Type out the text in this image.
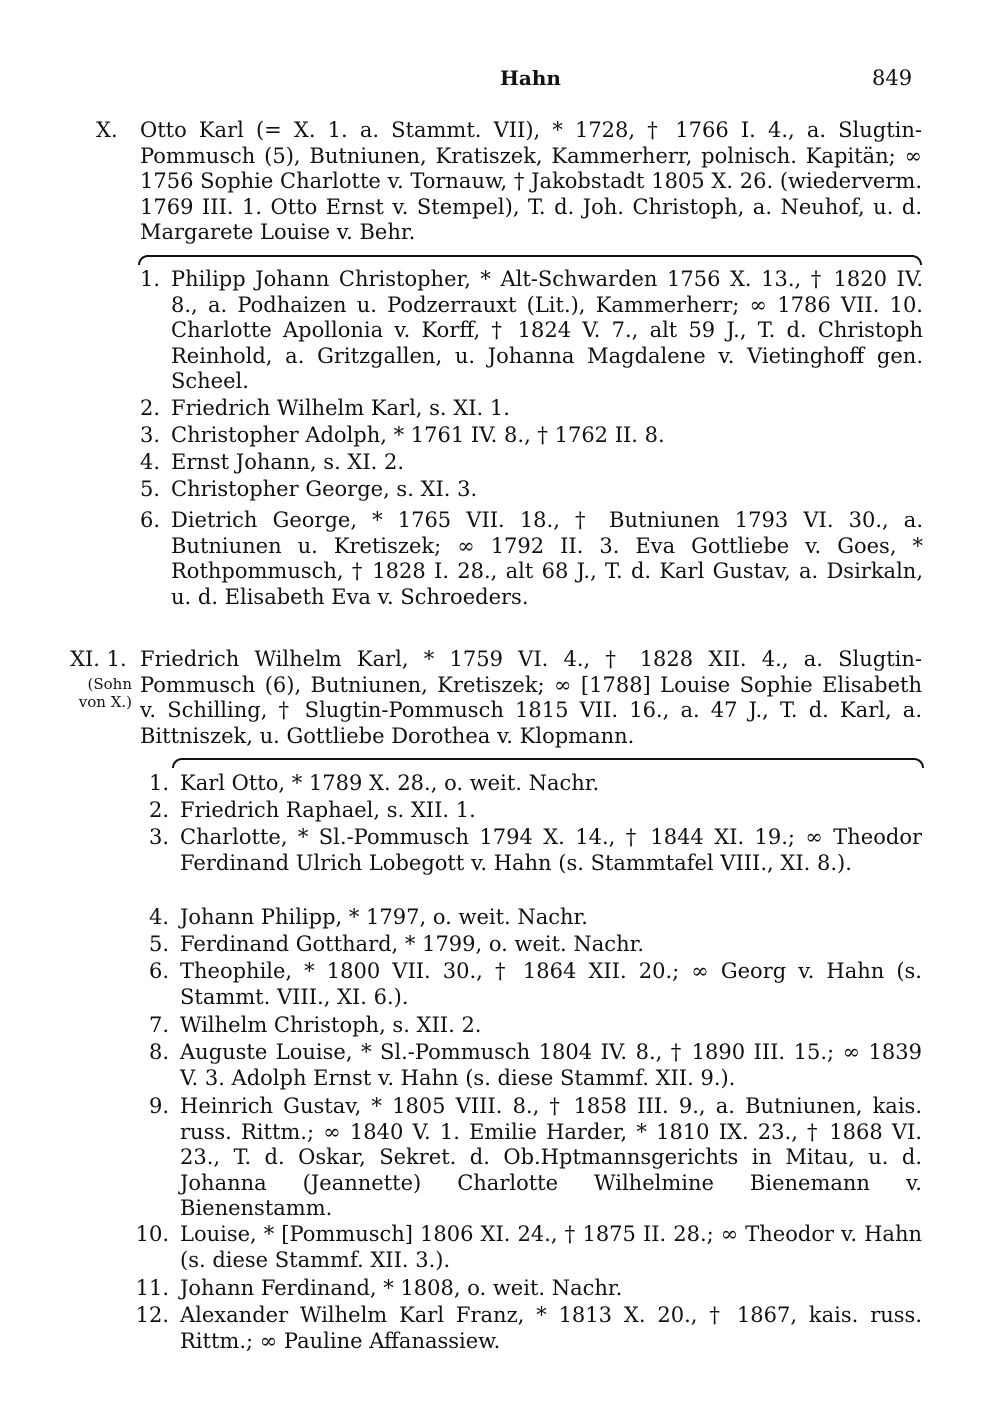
Hahn	849
X. Otto Karl (= X. 1. a. Stammt. VII), * 1728, † 1766 I. 4., a. Slugtin-Pommusch (5), Butniunen, Kratiszek, Kammerherr, polnisch. Kapitän; ∞ 1756 Sophie Charlotte v. Tornauw, † Jakobstadt 1805 X. 26. (wiederverm. 1769 III. 1. Otto Ernst v. Stempel), T. d. Joh. Christoph, a. Neuhof, u. d. Margarete Louise v. Behr.
1. Philipp Johann Christopher, * Alt-Schwarden 1756 X. 13., † 1820 IV. 8., a. Podhaizen u. Podzerrauxt (Lit.), Kammerherr; ∞ 1786 VII. 10. Charlotte Apollonia v. Korff, † 1824 V. 7., alt 59 J., T. d. Christoph Reinhold, a. Gritzgallen, u. Johanna Magdalene v. Vietinghoff gen. Scheel.
2. Friedrich Wilhelm Karl, s. XI. 1.
3. Christopher Adolph, * 1761 IV. 8., † 1762 II. 8.
4. Ernst Johann, s. XI. 2.
5. Christopher George, s. XI. 3.
6. Dietrich George, * 1765 VII. 18., † Butniunen 1793 VI. 30., a. Butniunen u. Kretiszek; ∞ 1792 II. 3. Eva Gottliebe v. Goes, * Rothpommusch, † 1828 I. 28., alt 68 J., T. d. Karl Gustav, a. Dsirkaln, u. d. Elisabeth Eva v. Schroeders.
XI. 1.
(Sohn von X.)
Friedrich Wilhelm Karl, * 1759 VI. 4., † 1828 XII. 4., a. Slugtin-Pommusch (6), Butniunen, Kretiszek; ∞ [1788] Louise Sophie Elisabeth v. Schilling, † Slugtin-Pommusch 1815 VII. 16., a. 47 J., T. d. Karl, a. Bittniszek, u. Gottliebe Dorothea v. Klopmann.
1. Karl Otto, * 1789 X. 28., o. weit. Nachr.
2. Friedrich Raphael, s. XII. 1.
3. Charlotte, * Sl.-Pommusch 1794 X. 14., † 1844 XI. 19.; ∞ Theodor Ferdinand Ulrich Lobegott v. Hahn (s. Stammtafel VIII., XI. 8.).
4. Johann Philipp, * 1797, o. weit. Nachr.
5. Ferdinand Gotthard, * 1799, o. weit. Nachr.
6. Theophile, * 1800 VII. 30., † 1864 XII. 20.; ∞ Georg v. Hahn (s. Stammt. VIII., XI. 6.).
7. Wilhelm Christoph, s. XII. 2.
8. Auguste Louise, * Sl.-Pommusch 1804 IV. 8., † 1890 III. 15.; ∞ 1839 V. 3. Adolph Ernst v. Hahn (s. diese Stammf. XII. 9.).
9. Heinrich Gustav, * 1805 VIII. 8., † 1858 III. 9., a. Butniunen, kais. russ. Rittm.; ∞ 1840 V. 1. Emilie Harder, * 1810 IX. 23., † 1868 VI. 23., T. d. Oskar, Sekret. d. Ob.Hptmannsgerichts in Mitau, u. d. Johanna (Jeannette) Charlotte Wilhelmine Bienemann v. Bienenstamm.
10. Louise, * [Pommusch] 1806 XI. 24., † 1875 II. 28.; ∞ Theodor v. Hahn (s. diese Stammf. XII. 3.).
11. Johann Ferdinand, * 1808, o. weit. Nachr.
12. Alexander Wilhelm Karl Franz, * 1813 X. 20., † 1867, kais. russ. Rittm.; ∞ Pauline Affanassiew.
